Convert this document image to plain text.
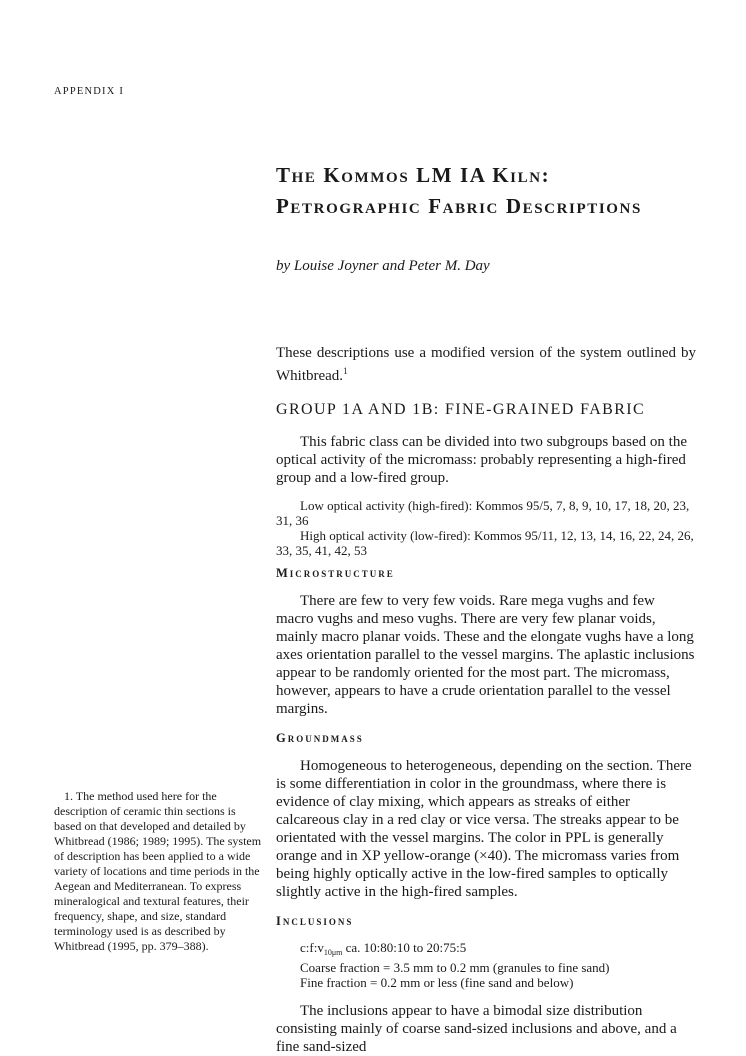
APPENDIX I
The Kommos LM IA Kiln:
Petrographic Fabric Descriptions
by Louise Joyner and Peter M. Day

These descriptions use a modified version of the system outlined by Whitbread.$^1$

GROUP 1A AND 1B: FINE-GRAINED FABRIC

This fabric class can be divided into two subgroups based on the optical activity of the micromass: probably representing a high-fired group and a low-fired group.

Low optical activity (high-fired): Kommos 95/5, 7, 8, 9, 10, 17, 18, 20, 23, 31, 36

High optical activity (low-fired): Kommos 95/11, 12, 13, 14, 16, 22, 24, 26, 33, 35, 41, 42, 53

Microstructure

There are few to very few voids. Rare mega vughs and few macro vughs and meso vughs. There are very few planar voids, mainly macro planar voids. These and the elongate vughs have a long axes orientation parallel to the vessel margins. The aplastic inclusions appear to be randomly oriented for the most part. The micromass, however, appears to have a crude orientation parallel to the vessel margins.

Groundmass

Homogeneous to heterogeneous, depending on the section. There is some differentiation in color in the groundmass, where there is evidence of clay mixing, which appears as streaks of either calcareous clay in a red clay or vice versa. The streaks appear to be orientated with the vessel margins. The color in PPL is generally orange and in XP yellow-orange (×40). The micromass varies from being highly optically active in the low-fired samples to optically slightly active in the high-fired samples.

Inclusions
$c:f:v_{10\mu m}$ ca. 10:80:10 to 20:75:5
Coarse fraction = 3.5 mm to 0.2 mm (granules to fine sand)
Fine fraction = 0.2 mm or less (fine sand and below)

The inclusions appear to have a bimodal size distribution consisting mainly of coarse sand-sized inclusions and above, and a fine sand-sized

1. The method used here for the description of ceramic thin sections is based on that developed and detailed by Whitbread (1986; 1989; 1995). The system of description has been applied to a wide variety of locations and time periods in the Aegean and Mediterranean. To express mineralogical and textural features, their frequency, shape, and size, standard terminology used is as described by Whitbread (1995, pp. 379–388).
